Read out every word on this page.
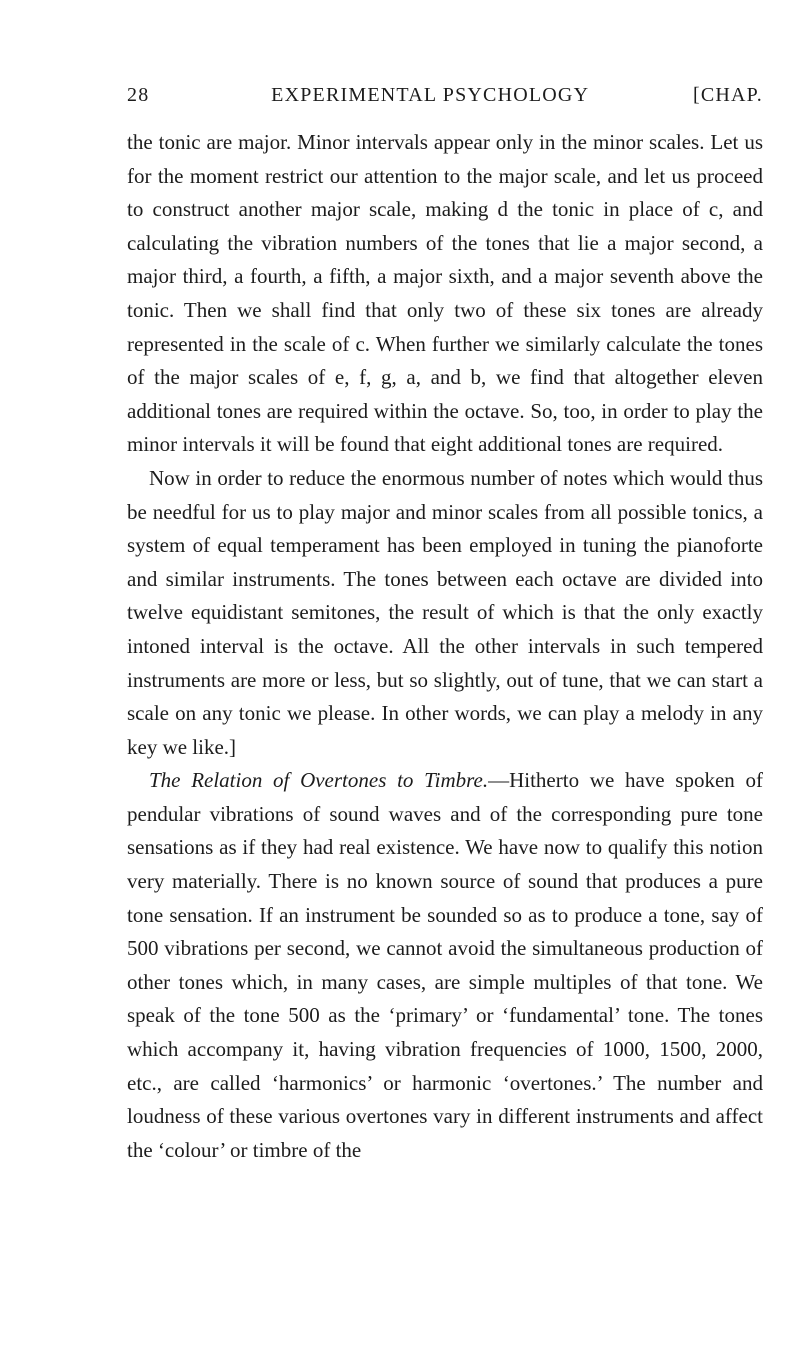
28	EXPERIMENTAL PSYCHOLOGY	[CHAP.

the tonic are major. Minor intervals appear only in the minor scales. Let us for the moment restrict our attention to the major scale, and let us proceed to construct another major scale, making d the tonic in place of c, and calculating the vibration numbers of the tones that lie a major second, a major third, a fourth, a fifth, a major sixth, and a major seventh above the tonic. Then we shall find that only two of these six tones are already represented in the scale of c. When further we similarly calculate the tones of the major scales of e, f, g, a, and b, we find that altogether eleven additional tones are required within the octave. So, too, in order to play the minor intervals it will be found that eight additional tones are required.

Now in order to reduce the enormous number of notes which would thus be needful for us to play major and minor scales from all possible tonics, a system of equal temperament has been employed in tuning the pianoforte and similar instruments. The tones between each octave are divided into twelve equidistant semitones, the result of which is that the only exactly intoned interval is the octave. All the other intervals in such tempered instruments are more or less, but so slightly, out of tune, that we can start a scale on any tonic we please. In other words, we can play a melody in any key we like.]

The Relation of Overtones to Timbre.—Hitherto we have spoken of pendular vibrations of sound waves and of the corresponding pure tone sensations as if they had real existence. We have now to qualify this notion very materially. There is no known source of sound that produces a pure tone sensation. If an instrument be sounded so as to produce a tone, say of 500 vibrations per second, we cannot avoid the simultaneous production of other tones which, in many cases, are simple multiples of that tone. We speak of the tone 500 as the ‘primary’ or ‘fundamental’ tone. The tones which accompany it, having vibration frequencies of 1000, 1500, 2000, etc., are called ‘harmonics’ or harmonic ‘overtones.’ The number and loudness of these various overtones vary in different instruments and affect the ‘colour’ or timbre of the
